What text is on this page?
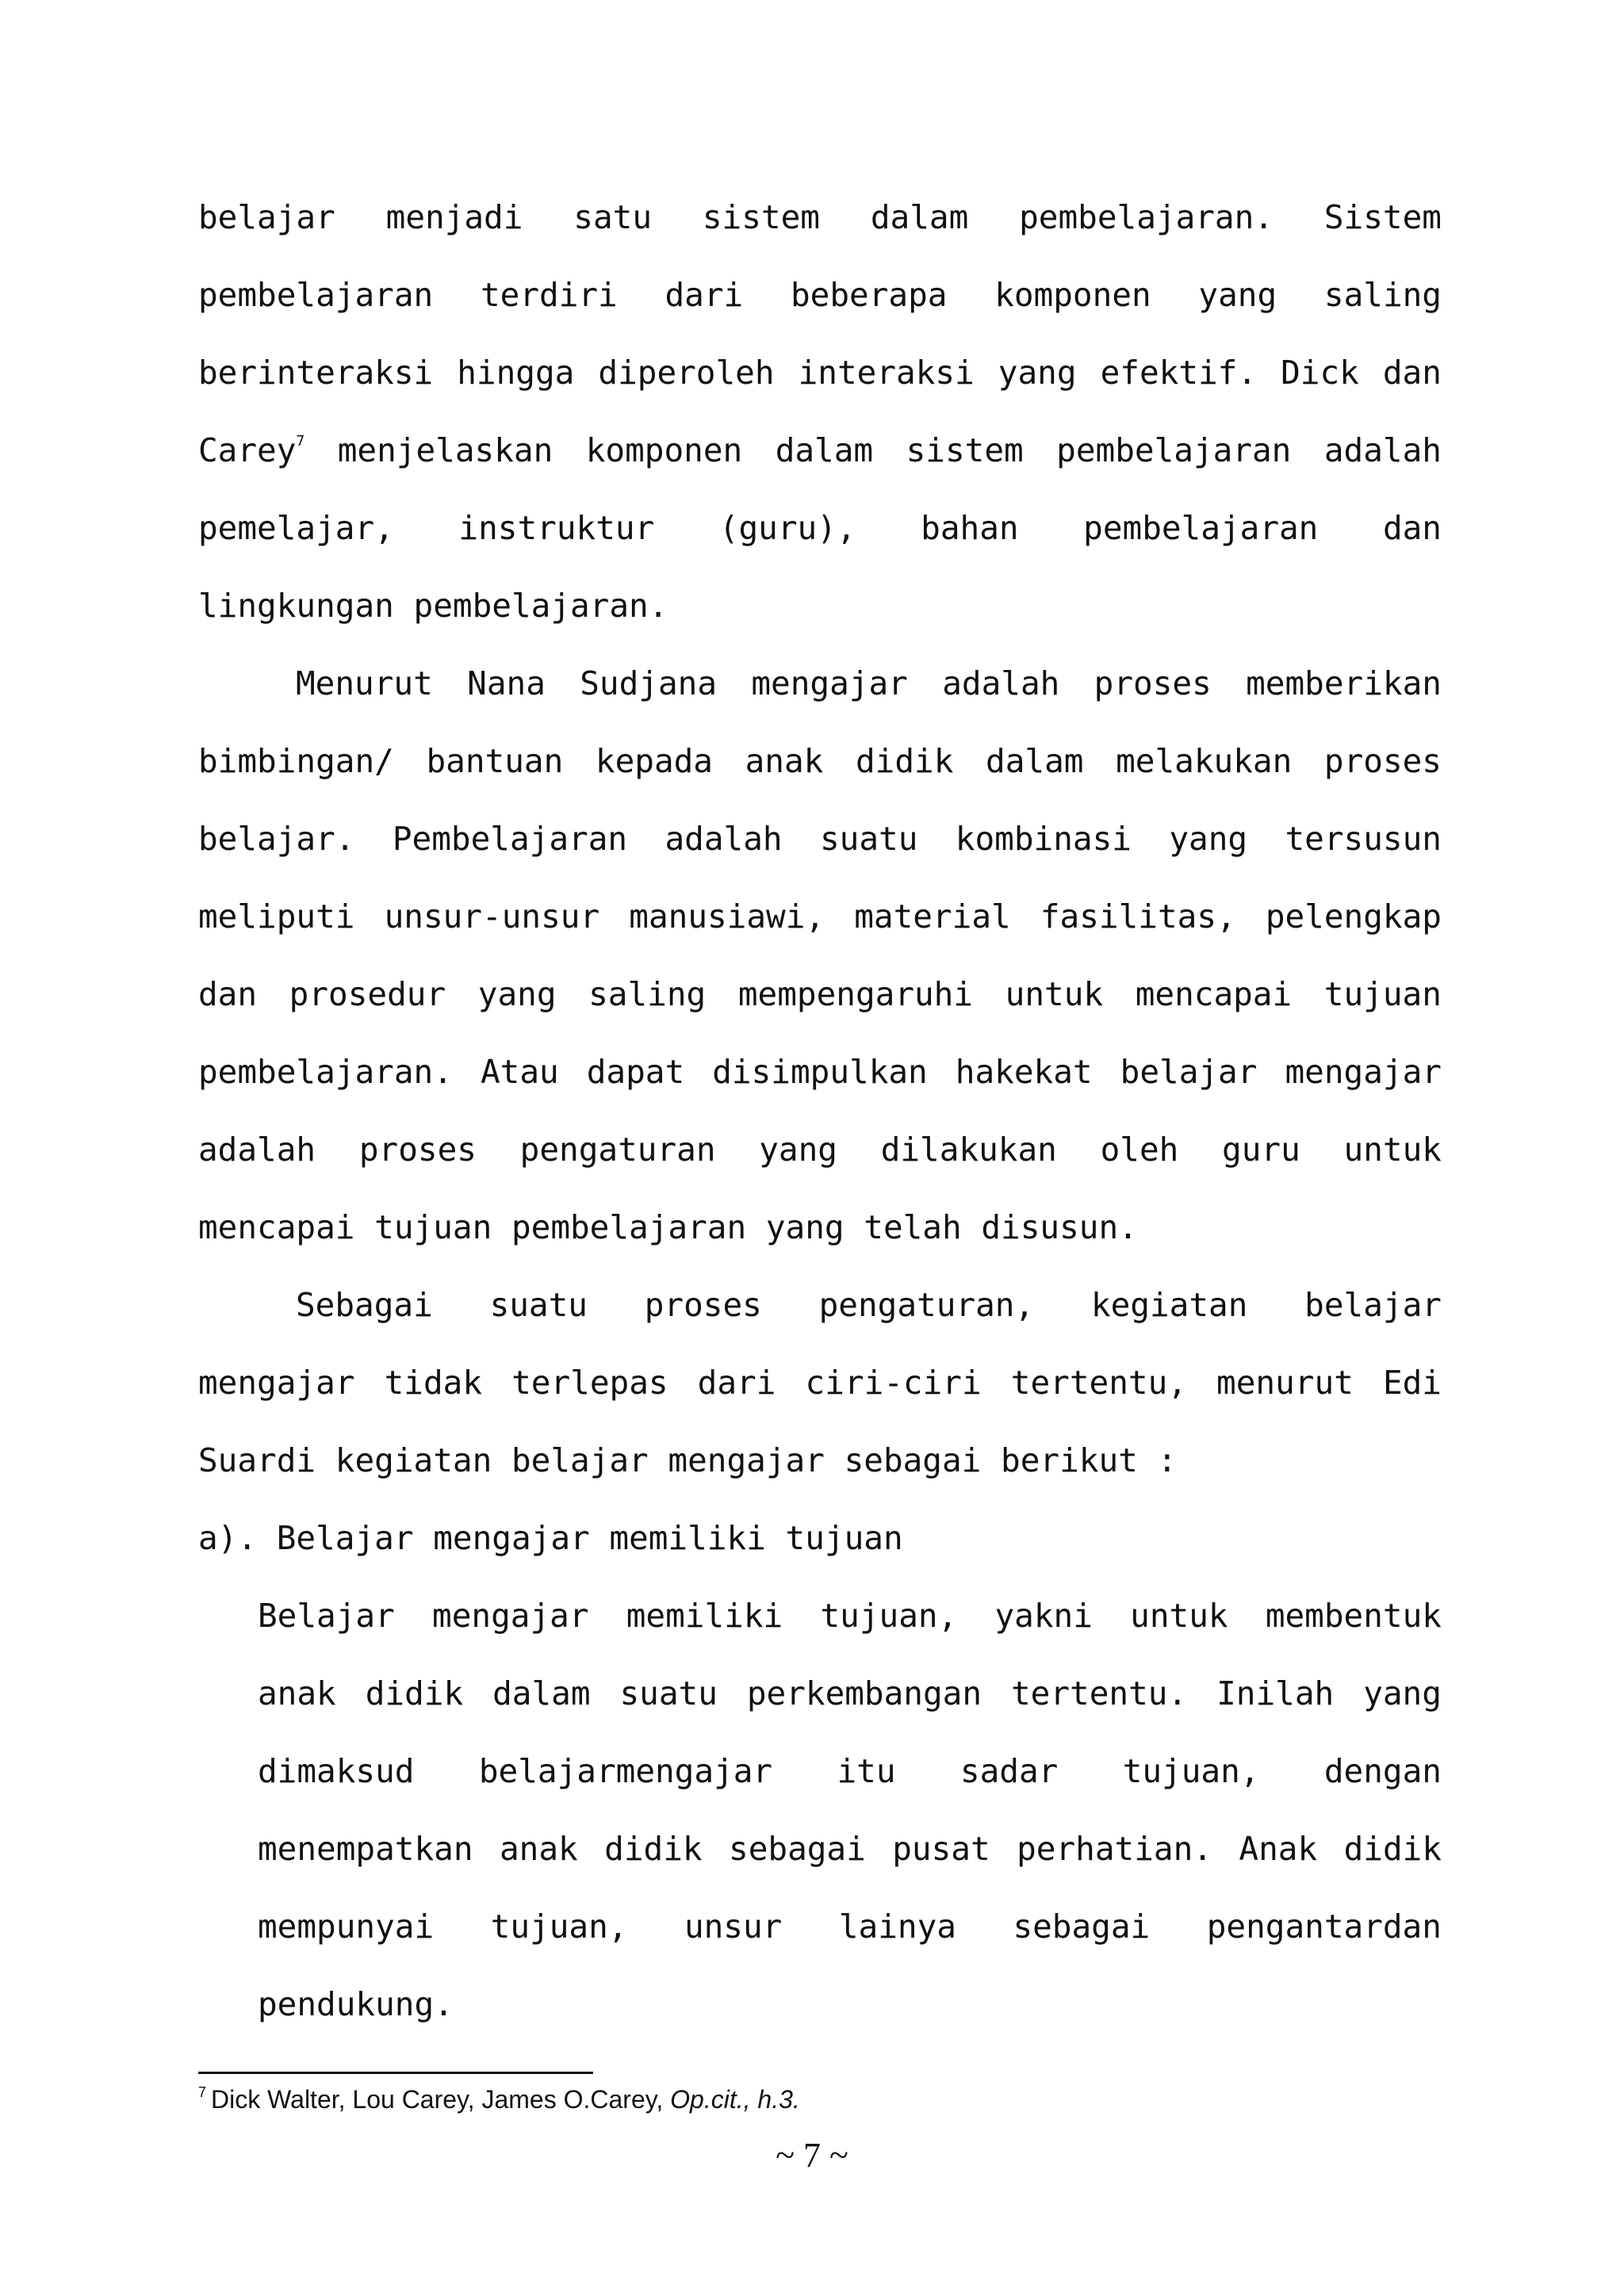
belajar menjadi satu sistem dalam pembelajaran. Sistem
pembelajaran terdiri dari beberapa komponen yang saling
berinteraksi hingga diperoleh interaksi yang efektif. Dick dan
Carey$^7$ menjelaskan komponen dalam sistem pembelajaran adalah
pemelajar, instruktur (guru), bahan pembelajaran dan
lingkungan pembelajaran.
Menurut Nana Sudjana mengajar adalah proses memberikan
bimbingan/ bantuan kepada anak didik dalam melakukan proses
belajar. Pembelajaran adalah suatu kombinasi yang tersusun
meliputi unsur-unsur manusiawi, material fasilitas, pelengkap
dan prosedur yang saling mempengaruhi untuk mencapai tujuan
pembelajaran. Atau dapat disimpulkan hakekat belajar mengajar
adalah proses pengaturan yang dilakukan oleh guru untuk
mencapai tujuan pembelajaran yang telah disusun.
Sebagai suatu proses pengaturan, kegiatan belajar
mengajar tidak terlepas dari ciri-ciri tertentu, menurut Edi
Suardi kegiatan belajar mengajar sebagai berikut :
a). Belajar mengajar memiliki tujuan
Belajar mengajar memiliki tujuan, yakni untuk membentuk
anak didik dalam suatu perkembangan tertentu. Inilah yang
dimaksud belajarmengajar itu sadar tujuan, dengan
menempatkan anak didik sebagai pusat perhatian. Anak didik
mempunyai tujuan, unsur lainya sebagai pengantardan
pendukung.
$^7$ Dick Walter, Lou Carey, James O.Carey, Op.cit., h.3.
~ 7 ~
